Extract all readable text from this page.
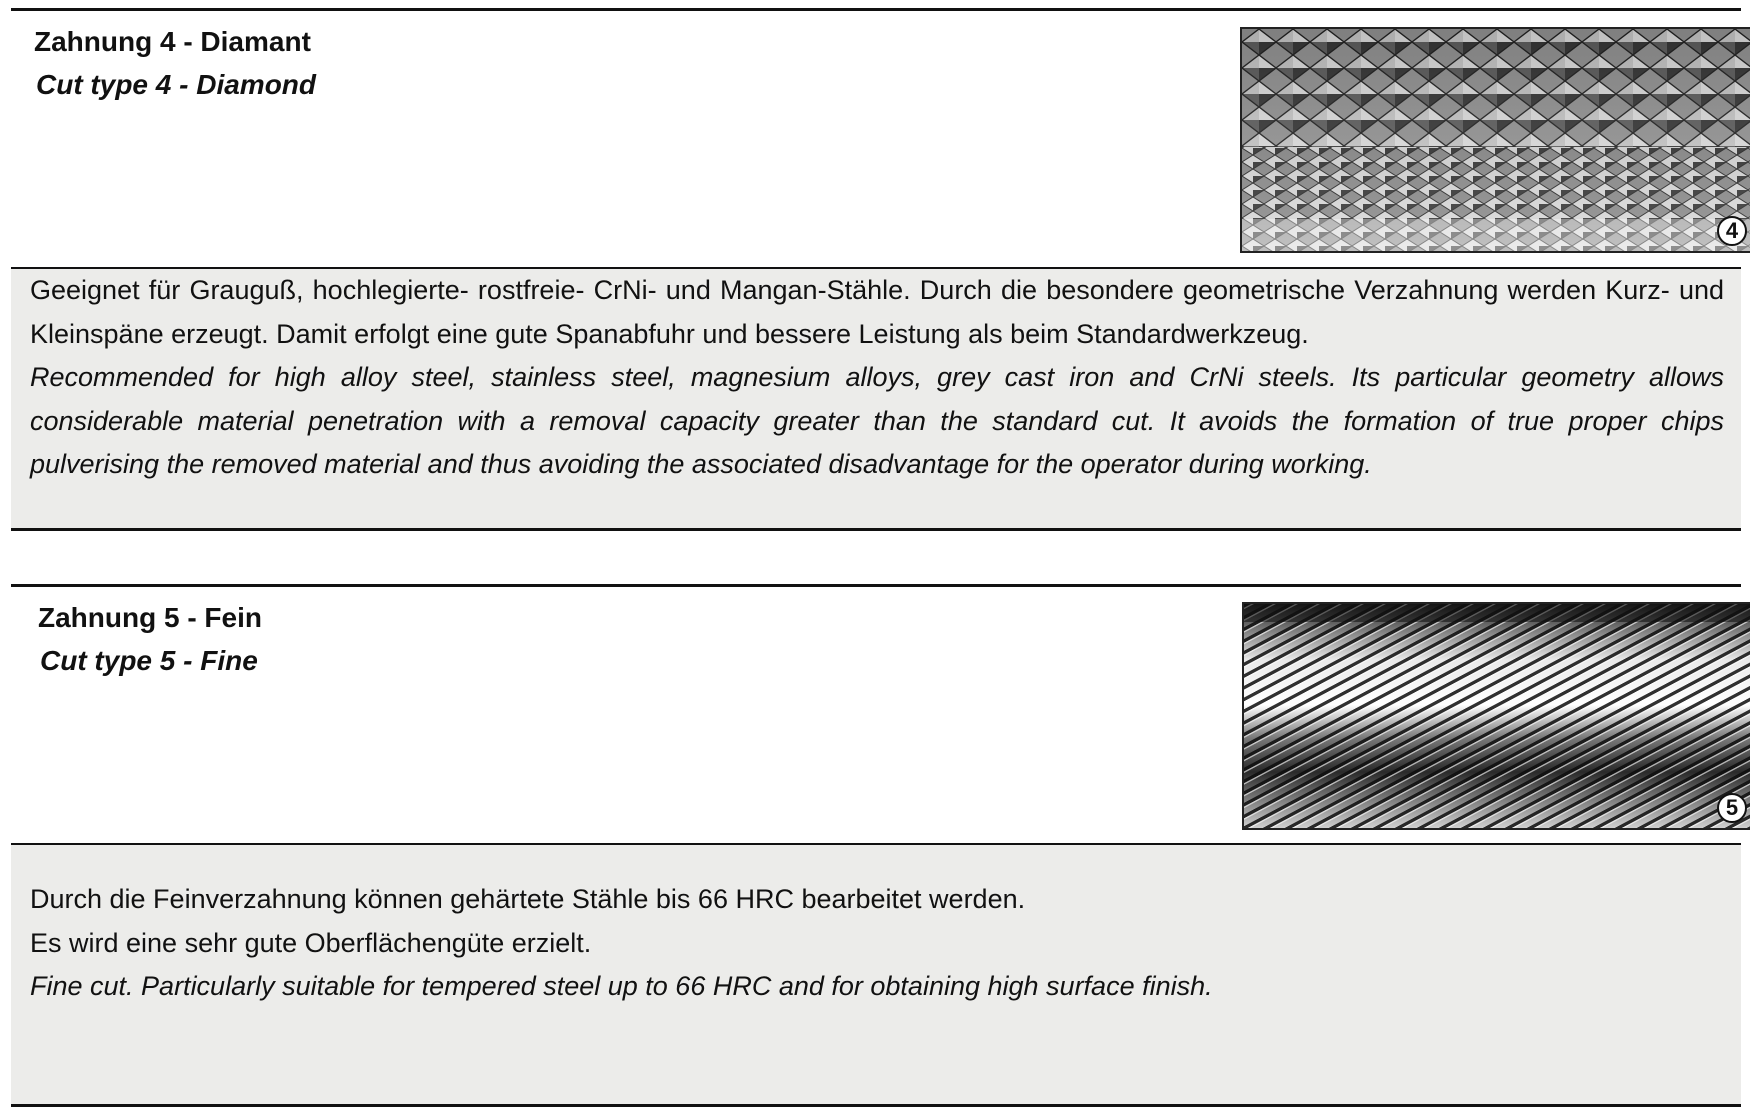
Zahnung 4 - Diamant
Cut type 4 - Diamond
4

Geeignet für Grauguß, hochlegierte- rostfreie- CrNi- und Mangan-Stähle. Durch die besondere geometrische Verzahnung werden Kurz- und Kleinspäne erzeugt. Damit erfolgt eine gute Spanabfuhr und bessere Leistung als beim Standardwerkzeug.

Recommended for high alloy steel, stainless steel, magnesium alloys, grey cast iron and CrNi steels. Its particular geometry allows considerable material penetration with a removal capacity greater than the standard cut. It avoids the formation of true proper chips pulverising the removed material and thus avoiding the associated disadvantage for the operator during working.

Zahnung 5 - Fein
Cut type 5 - Fine
5

Durch die Feinverzahnung können gehärtete Stähle bis 66 HRC bearbeitet werden.

Es wird eine sehr gute Oberflächengüte erzielt.

Fine cut. Particularly suitable for tempered steel up to 66 HRC and for obtaining high surface finish.
